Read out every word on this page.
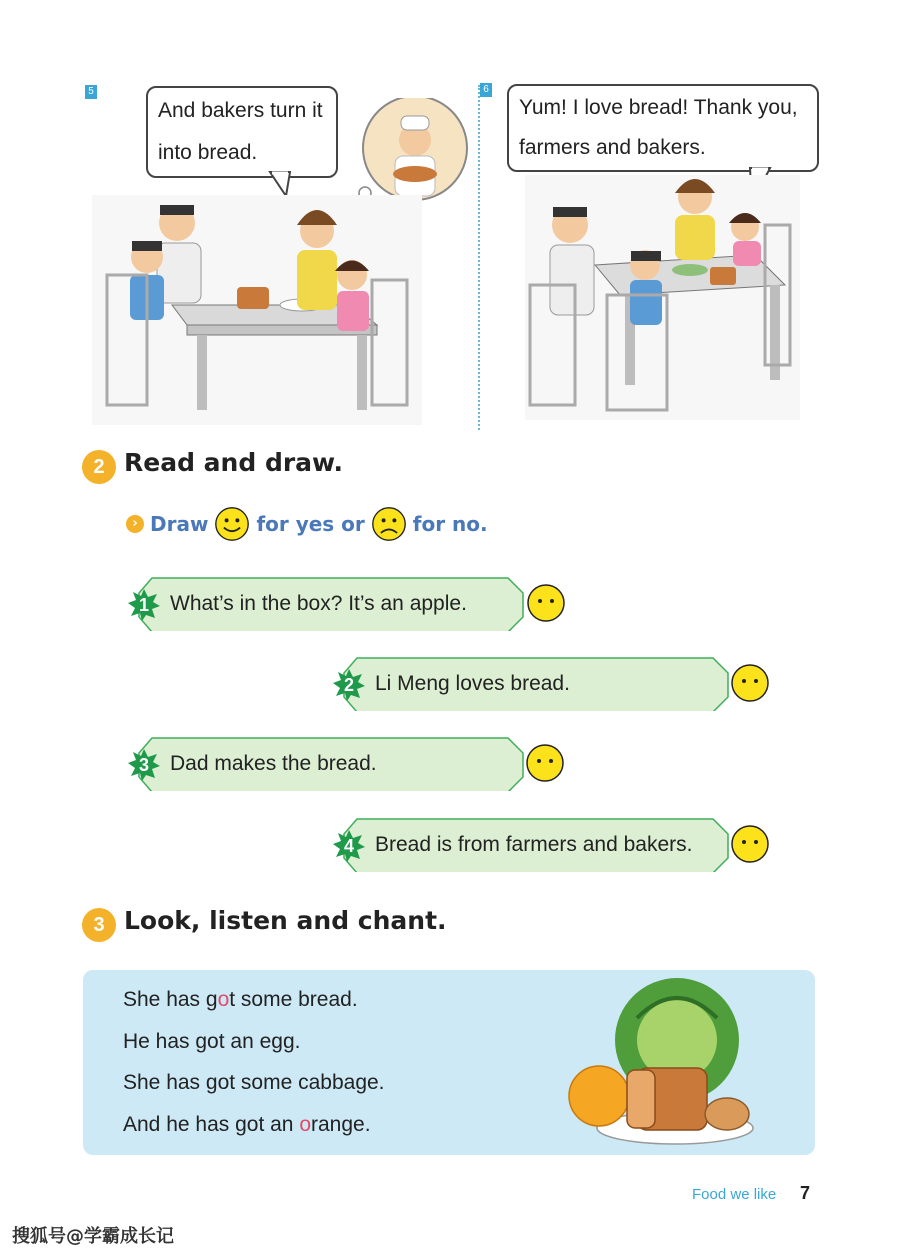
5	6
And bakers turn it into bread.
Yum! I love bread! Thank you, farmers and bakers.
2 Read and draw.
› Draw for yes or for no.
1	What’s in the box? It’s an apple.
2	Li Meng loves bread.
3	Dad makes the bread.
4	Bread is from farmers and bakers.
3 Look, listen and chant.
She has got some bread.
He has got an egg.
She has got some cabbage.
And he has got an orange.
Food we like 7
搜狐号@学霸成长记
